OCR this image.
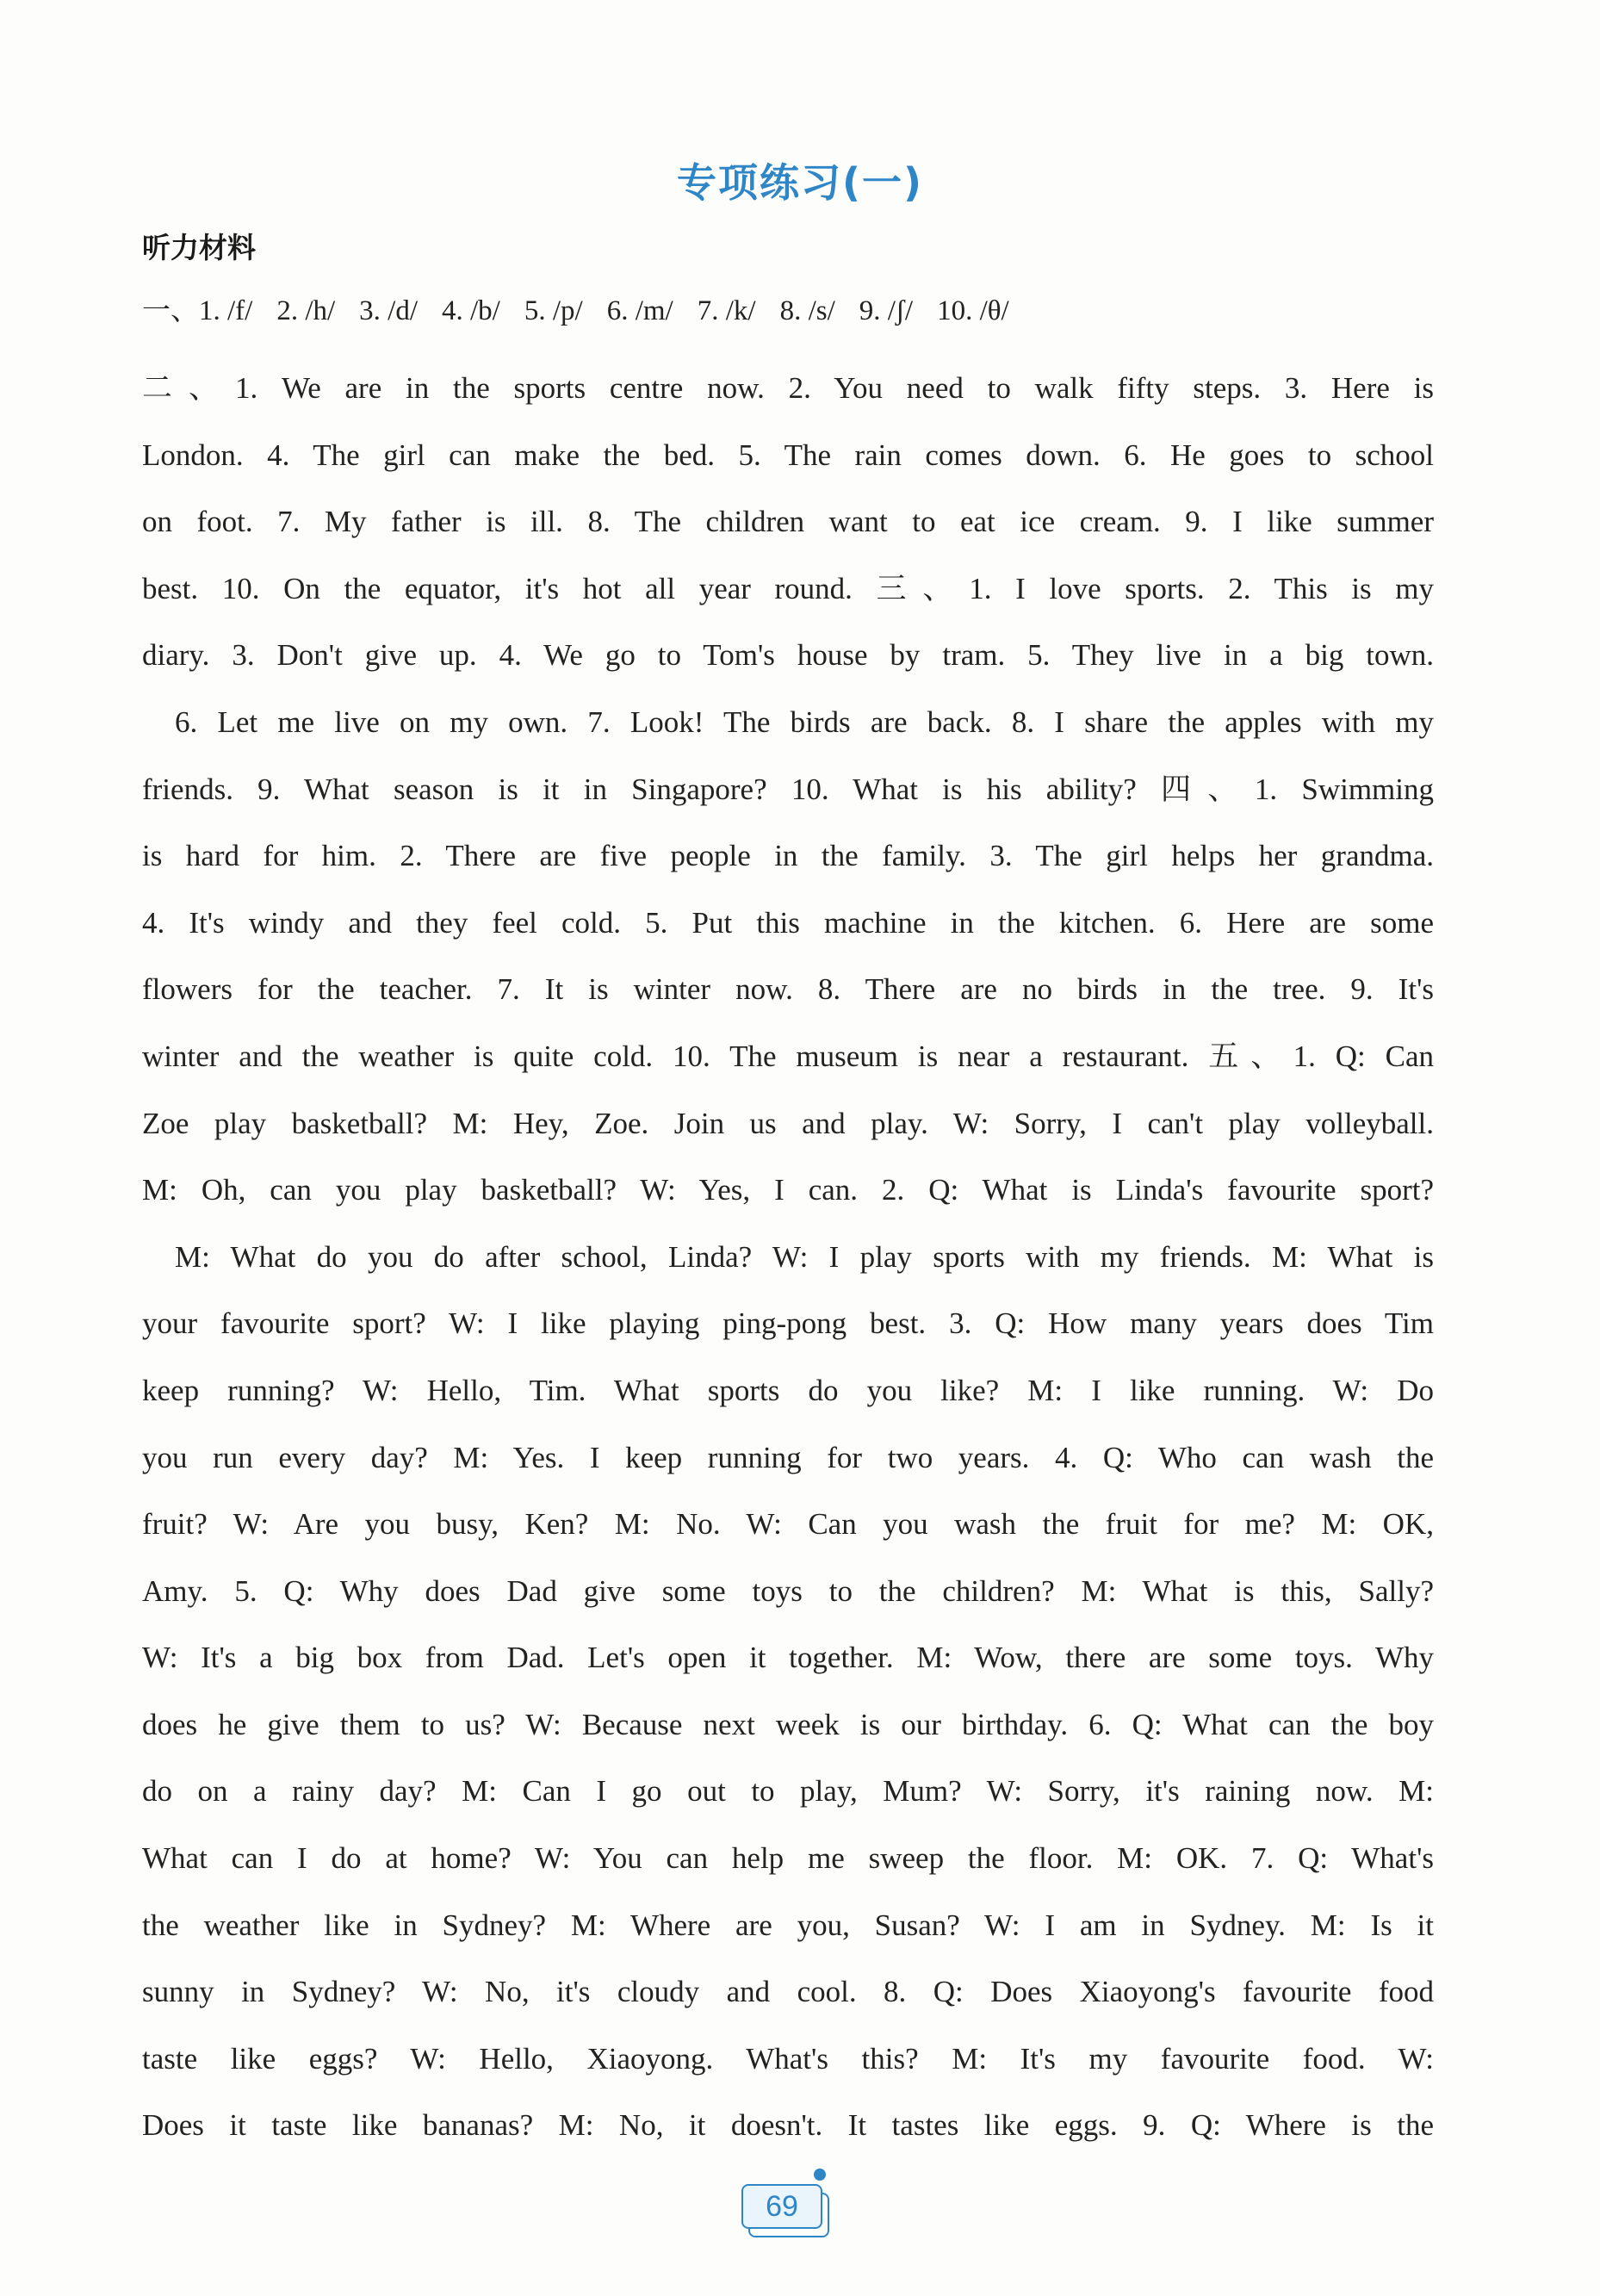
专项练习(一)
听力材料
一、1. /f/ 2. /h/ 3. /d/ 4. /b/ 5. /p/ 6. /m/ 7. /k/ 8. /s/ 9. /ʃ/ 10. /θ/
二、1. We are in the sports centre now. 2. You need to walk fifty steps. 3. Here is
London. 4. The girl can make the bed. 5. The rain comes down. 6. He goes to school
on foot. 7. My father is ill. 8. The children want to eat ice cream. 9. I like summer
best. 10. On the equator, it's hot all year round. 三、1. I love sports. 2. This is my
diary. 3. Don't give up. 4. We go to Tom's house by tram. 5. They live in a big town.
6. Let me live on my own. 7. Look! The birds are back. 8. I share the apples with my
friends. 9. What season is it in Singapore? 10. What is his ability? 四、1. Swimming
is hard for him. 2. There are five people in the family. 3. The girl helps her grandma.
4. It's windy and they feel cold. 5. Put this machine in the kitchen. 6. Here are some
flowers for the teacher. 7. It is winter now. 8. There are no birds in the tree. 9. It's
winter and the weather is quite cold. 10. The museum is near a restaurant. 五、1. Q: Can
Zoe play basketball? M: Hey, Zoe. Join us and play. W: Sorry, I can't play volleyball.
M: Oh, can you play basketball? W: Yes, I can. 2. Q: What is Linda's favourite sport?
M: What do you do after school, Linda? W: I play sports with my friends. M: What is
your favourite sport? W: I like playing ping-pong best. 3. Q: How many years does Tim
keep running? W: Hello, Tim. What sports do you like? M: I like running. W: Do
you run every day? M: Yes. I keep running for two years. 4. Q: Who can wash the
fruit? W: Are you busy, Ken? M: No. W: Can you wash the fruit for me? M: OK,
Amy. 5. Q: Why does Dad give some toys to the children? M: What is this, Sally?
W: It's a big box from Dad. Let's open it together. M: Wow, there are some toys. Why
does he give them to us? W: Because next week is our birthday. 6. Q: What can the boy
do on a rainy day? M: Can I go out to play, Mum? W: Sorry, it's raining now. M:
What can I do at home? W: You can help me sweep the floor. M: OK. 7. Q: What's
the weather like in Sydney? M: Where are you, Susan? W: I am in Sydney. M: Is it
sunny in Sydney? W: No, it's cloudy and cool. 8. Q: Does Xiaoyong's favourite food
taste like eggs? W: Hello, Xiaoyong. What's this? M: It's my favourite food. W:
Does it taste like bananas? M: No, it doesn't. It tastes like eggs. 9. Q: Where is the
69
